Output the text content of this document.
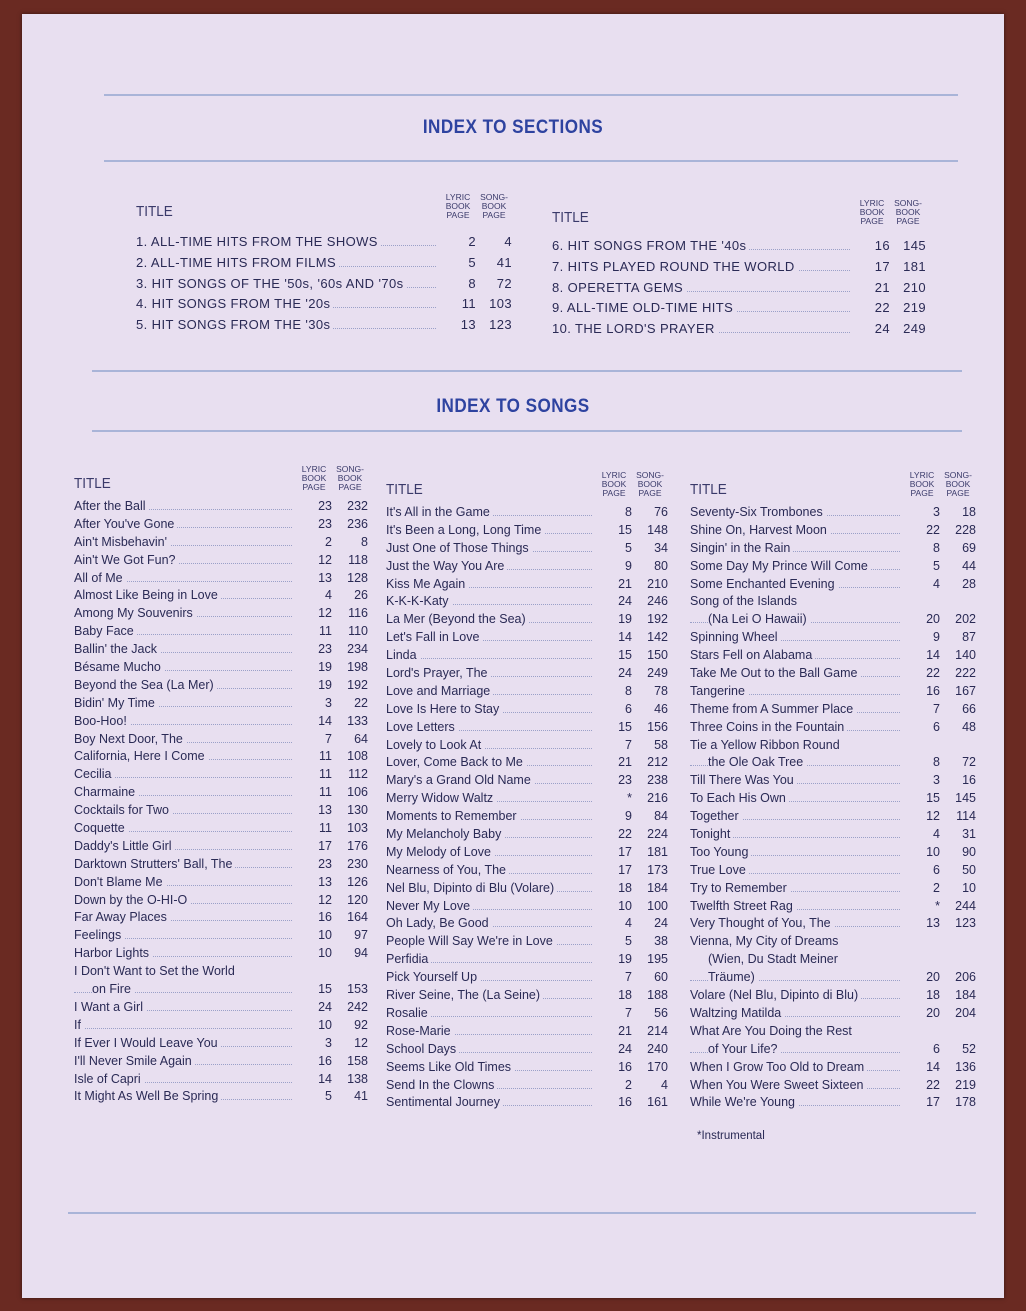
INDEX TO SECTIONS
TITLE
LYRIC BOOK PAGE
SONG- BOOK PAGE
1. ALL-TIME HITS FROM THE SHOWS	2	4
2. ALL-TIME HITS FROM FILMS	5	41
3. HIT SONGS OF THE '50s, '60s AND '70s	8	72
4. HIT SONGS FROM THE '20s	11	103
5. HIT SONGS FROM THE '30s	13	123
TITLE
LYRIC BOOK PAGE
SONG- BOOK PAGE
6. HIT SONGS FROM THE '40s	16	145
7. HITS PLAYED ROUND THE WORLD	17	181
8. OPERETTA GEMS	21	210
9. ALL-TIME OLD-TIME HITS	22	219
10. THE LORD'S PRAYER	24	249
INDEX TO SONGS
TITLE
LYRIC BOOK PAGE
SONG- BOOK PAGE
After the Ball	23	232
After You've Gone	23	236
Ain't Misbehavin'	2	8
Ain't We Got Fun?	12	118
All of Me	13	128
Almost Like Being in Love	4	26
Among My Souvenirs	12	116
Baby Face	11	110
Ballin' the Jack	23	234
Bésame Mucho	19	198
Beyond the Sea (La Mer)	19	192
Bidin' My Time	3	22
Boo-Hoo!	14	133
Boy Next Door, The	7	64
California, Here I Come	11	108
Cecilia	11	112
Charmaine	11	106
Cocktails for Two	13	130
Coquette	11	103
Daddy's Little Girl	17	176
Darktown Strutters' Ball, The	23	230
Don't Blame Me	13	126
Down by the O-HI-O	12	120
Far Away Places	16	164
Feelings	10	97
Harbor Lights	10	94
I Don't Want to Set the World
on Fire	15	153
I Want a Girl	24	242
If	10	92
If Ever I Would Leave You	3	12
I'll Never Smile Again	16	158
Isle of Capri	14	138
It Might As Well Be Spring	5	41
TITLE
LYRIC BOOK PAGE
SONG- BOOK PAGE
It's All in the Game	8	76
It's Been a Long, Long Time	15	148
Just One of Those Things	5	34
Just the Way You Are	9	80
Kiss Me Again	21	210
K-K-K-Katy	24	246
La Mer (Beyond the Sea)	19	192
Let's Fall in Love	14	142
Linda	15	150
Lord's Prayer, The	24	249
Love and Marriage	8	78
Love Is Here to Stay	6	46
Love Letters	15	156
Lovely to Look At	7	58
Lover, Come Back to Me	21	212
Mary's a Grand Old Name	23	238
Merry Widow Waltz	*	216
Moments to Remember	9	84
My Melancholy Baby	22	224
My Melody of Love	17	181
Nearness of You, The	17	173
Nel Blu, Dipinto di Blu (Volare)	18	184
Never My Love	10	100
Oh Lady, Be Good	4	24
People Will Say We're in Love	5	38
Perfidia	19	195
Pick Yourself Up	7	60
River Seine, The (La Seine)	18	188
Rosalie	7	56
Rose-Marie	21	214
School Days	24	240
Seems Like Old Times	16	170
Send In the Clowns	2	4
Sentimental Journey	16	161
TITLE
LYRIC BOOK PAGE
SONG- BOOK PAGE
Seventy-Six Trombones	3	18
Shine On, Harvest Moon	22	228
Singin' in the Rain	8	69
Some Day My Prince Will Come	5	44
Some Enchanted Evening	4	28
Song of the Islands
(Na Lei O Hawaii)	20	202
Spinning Wheel	9	87
Stars Fell on Alabama	14	140
Take Me Out to the Ball Game	22	222
Tangerine	16	167
Theme from A Summer Place	7	66
Three Coins in the Fountain	6	48
Tie a Yellow Ribbon Round
the Ole Oak Tree	8	72
Till There Was You	3	16
To Each His Own	15	145
Together	12	114
Tonight	4	31
Too Young	10	90
True Love	6	50
Try to Remember	2	10
Twelfth Street Rag	*	244
Very Thought of You, The	13	123
Vienna, My City of Dreams
(Wien, Du Stadt Meiner
Träume)	20	206
Volare (Nel Blu, Dipinto di Blu)	18	184
Waltzing Matilda	20	204
What Are You Doing the Rest
of Your Life?	6	52
When I Grow Too Old to Dream	14	136
When You Were Sweet Sixteen	22	219
While We're Young	17	178
*Instrumental
